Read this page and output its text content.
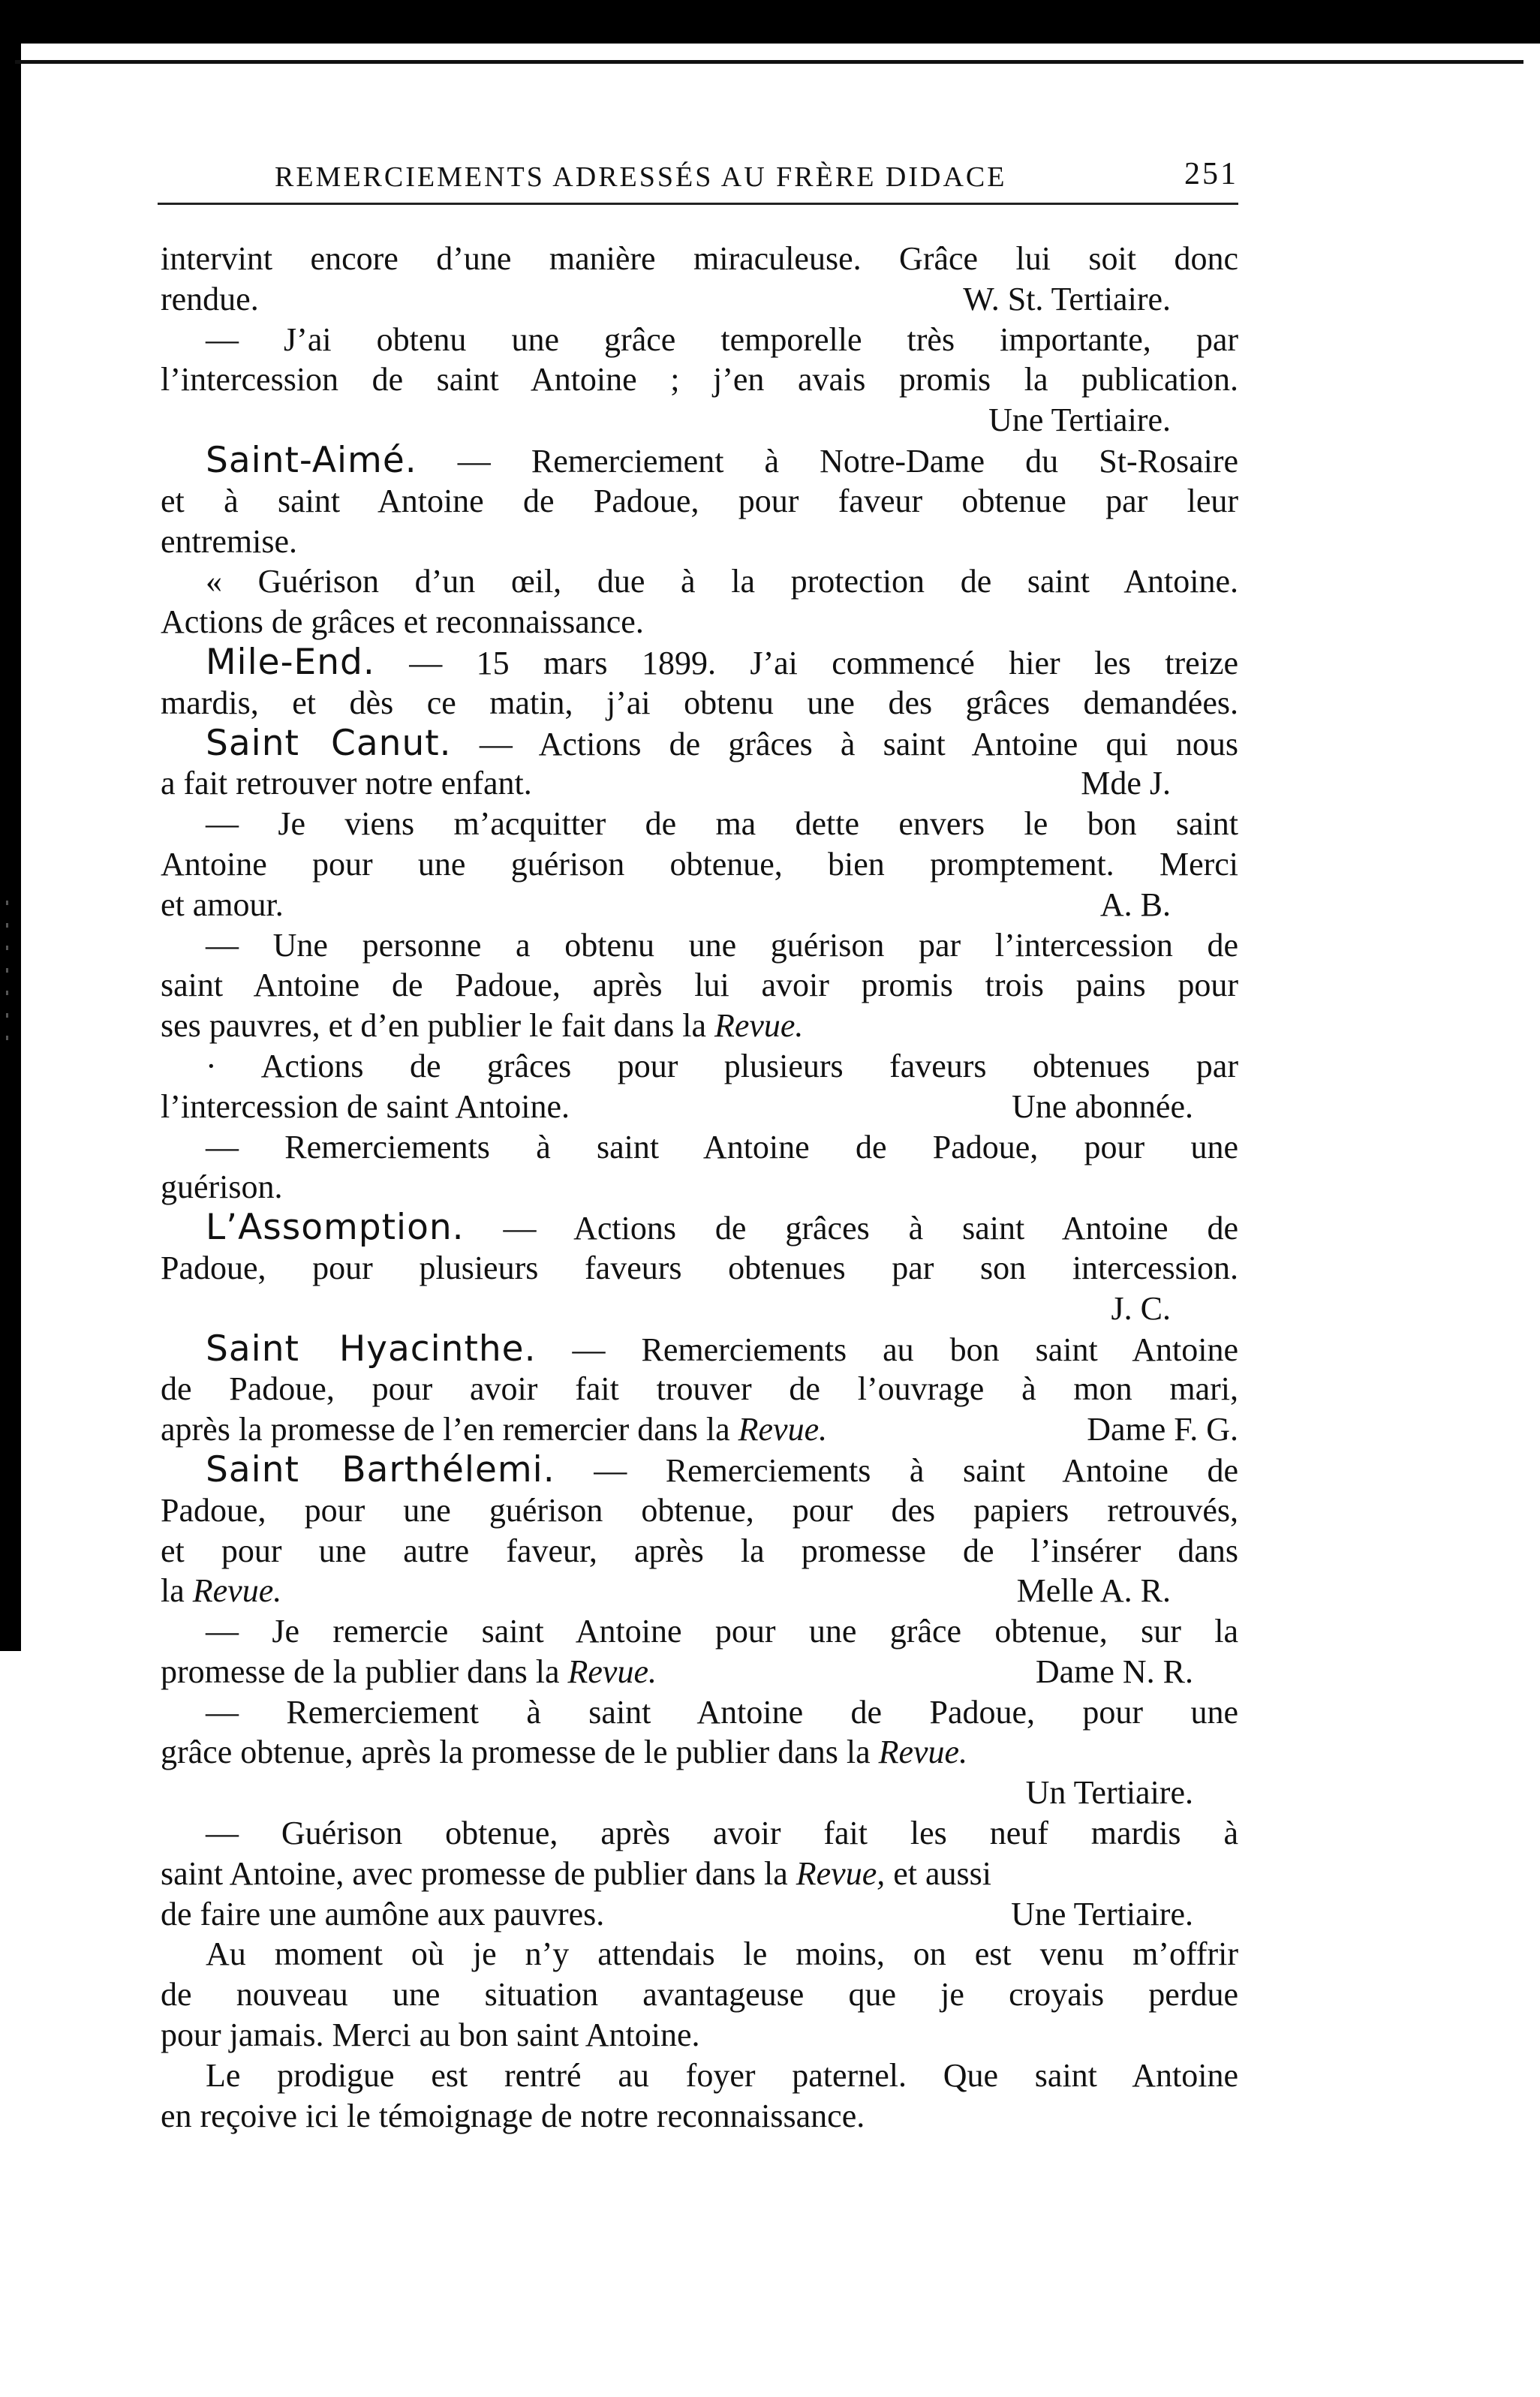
REMERCIEMENTS ADRESSÉS AU FRÈRE DIDACE	251
intervint encore d’une manière miraculeuse. Grâce lui soit donc
rendue.	W. St. Tertiaire.
— J’ai obtenu une grâce temporelle très importante, par
l’intercession de saint Antoine ; j’en avais promis la publication.
Une Tertiaire.
Saint-Aimé. — Remerciement à Notre-Dame du St-Rosaire
et à saint Antoine de Padoue, pour faveur obtenue par leur
entremise.
« Guérison d’un œil, due à la protection de saint Antoine.
Actions de grâces et reconnaissance.
Mile-End. — 15 mars 1899. J’ai commencé hier les treize
mardis, et dès ce matin, j’ai obtenu une des grâces demandées.
Saint Canut. — Actions de grâces à saint Antoine qui nous
a fait retrouver notre enfant.	Mde J.
— Je viens m’acquitter de ma dette envers le bon saint
Antoine pour une guérison obtenue, bien promptement. Merci
et amour.	A. B.
— Une personne a obtenu une guérison par l’intercession de
saint Antoine de Padoue, après lui avoir promis trois pains pour
ses pauvres, et d’en publier le fait dans la Revue.
· Actions de grâces pour plusieurs faveurs obtenues par
l’intercession de saint Antoine.	Une abonnée.
— Remerciements à saint Antoine de Padoue, pour une
guérison.
L’Assomption. — Actions de grâces à saint Antoine de
Padoue, pour plusieurs faveurs obtenues par son intercession.
J. C.
Saint Hyacinthe. — Remerciements au bon saint Antoine
de Padoue, pour avoir fait trouver de l’ouvrage à mon mari,
après la promesse de l’en remercier dans la Revue.	Dame F. G.
Saint Barthélemi. — Remerciements à saint Antoine de
Padoue, pour une guérison obtenue, pour des papiers retrouvés,
et pour une autre faveur, après la promesse de l’insérer dans
la Revue.	Melle A. R.
— Je remercie saint Antoine pour une grâce obtenue, sur la
promesse de la publier dans la Revue.	Dame N. R.
— Remerciement à saint Antoine de Padoue, pour une
grâce obtenue, après la promesse de le publier dans la Revue.
Un Tertiaire.
— Guérison obtenue, après avoir fait les neuf mardis à
saint Antoine, avec promesse de publier dans la Revue, et aussi
de faire une aumône aux pauvres.	Une Tertiaire.
Au moment où je n’y attendais le moins, on est venu m’offrir
de nouveau une situation avantageuse que je croyais perdue
pour jamais. Merci au bon saint Antoine.
Le prodigue est rentré au foyer paternel. Que saint Antoine
en reçoive ici le témoignage de notre reconnaissance.
